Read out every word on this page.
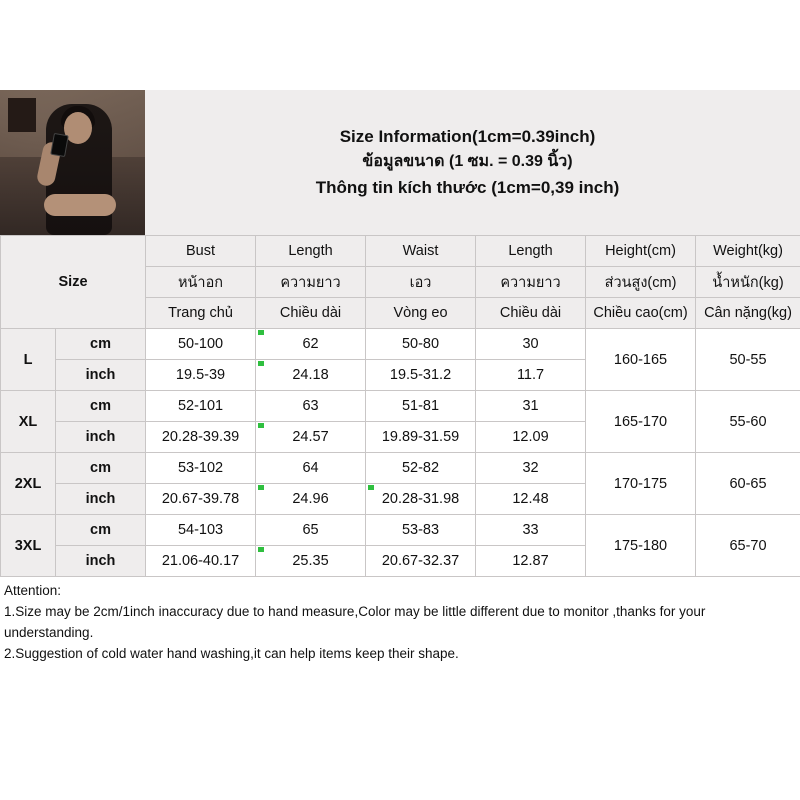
Size Information(1cm=0.39inch)
ข้อมูลขนาด (1 ซม. = 0.39 นิ้ว)
Thông tin kích thước (1cm=0,39 inch)
Size		Bust	Length	Waist	Length	Height(cm)	Weight(kg)
		หน้าอก	ความยาว	เอว	ความยาว	ส่วนสูง(cm)	น้ำหนัก(kg)
		Trang chủ	Chiều dài	Vòng eo	Chiều dài	Chiều cao(cm)	Cân nặng(kg)
L	cm	50-100	62	50-80	30	160-165	50-55
	inch	19.5-39	24.18	19.5-31.2	11.7		
XL	cm	52-101	63	51-81	31	165-170	55-60
	inch	20.28-39.39	24.57	19.89-31.59	12.09		
2XL	cm	53-102	64	52-82	32	170-175	60-65
	inch	20.67-39.78	24.96	20.28-31.98	12.48		
3XL	cm	54-103	65	53-83	33	175-180	65-70
	inch	21.06-40.17	25.35	20.67-32.37	12.87		

Attention:

1.Size may be 2cm/1inch inaccuracy due to hand measure,Color may be little different due to monitor ,thanks for your

understanding.

2.Suggestion of cold water hand washing,it can help items keep their shape.
